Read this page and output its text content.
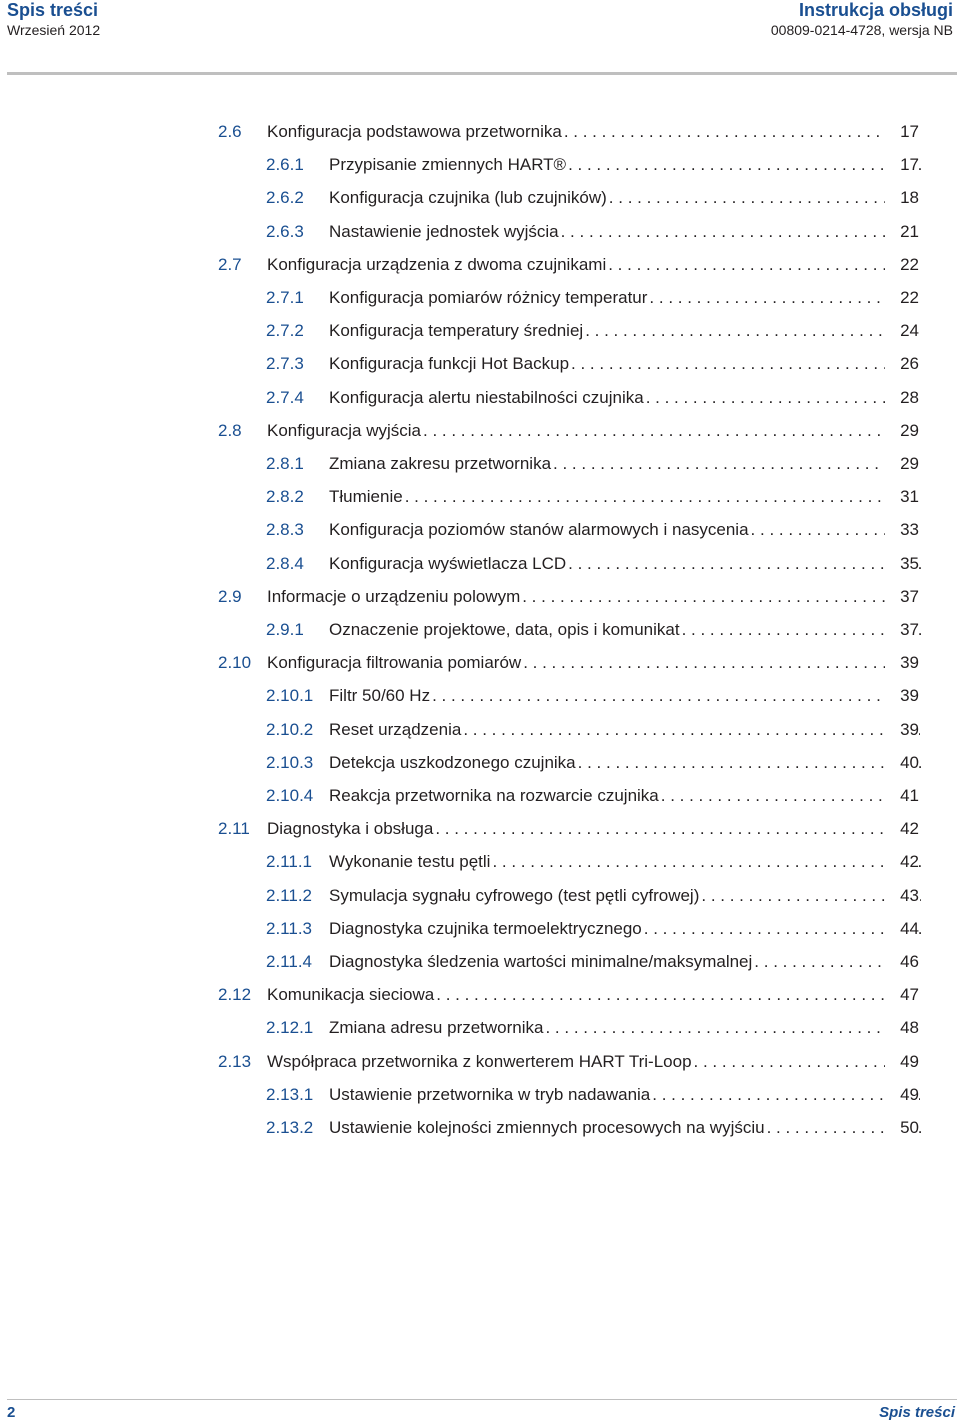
Spis treści
Wrzesień 2012
Instrukcja obsługi
00809-0214-4728, wersja NB
2.6 Konfiguracja podstawowa przetwornika . . .	17
2.6.1 Przypisanie zmiennych HART® . . .	17
2.6.2 Konfiguracja czujnika (lub czujników) . . .	18
2.6.3 Nastawienie jednostek wyjścia . . .	21
2.7 Konfiguracja urządzenia z dwoma czujnikami . . .	22
2.7.1 Konfiguracja pomiarów różnicy temperatur . . .	22
2.7.2 Konfiguracja temperatury średniej . . .	24
2.7.3 Konfiguracja funkcji Hot Backup . . .	26
2.7.4 Konfiguracja alertu niestabilności czujnika . . .	28
2.8 Konfiguracja wyjścia . . .	29
2.8.1 Zmiana zakresu przetwornika . . .	29
2.8.2 Tłumienie . . .	31
2.8.3 Konfiguracja poziomów stanów alarmowych i nasycenia . . .	33
2.8.4 Konfiguracja wyświetlacza LCD . . .	35
2.9 Informacje o urządzeniu polowym . . .	37
2.9.1 Oznaczenie projektowe, data, opis i komunikat . . .	37
2.10 Konfiguracja filtrowania pomiarów . . .	39
2.10.1 Filtr 50/60 Hz . . .	39
2.10.2 Reset urządzenia . . .	39
2.10.3 Detekcja uszkodzonego czujnika . . .	40
2.10.4 Reakcja przetwornika na rozwarcie czujnika . . .	41
2.11 Diagnostyka i obsługa . . .	42
2.11.1 Wykonanie testu pętli . . .	42
2.11.2 Symulacja sygnału cyfrowego (test pętli cyfrowej) . . .	43
2.11.3 Diagnostyka czujnika termoelektrycznego . . .	44
2.11.4 Diagnostyka śledzenia wartości minimalne/maksymalnej . . .	46
2.12 Komunikacja sieciowa . . .	47
2.12.1 Zmiana adresu przetwornika . . .	48
2.13 Współpraca przetwornika z konwerterem HART Tri-Loop . . .	49
2.13.1 Ustawienie przetwornika w tryb nadawania . . .	49
2.13.2 Ustawienie kolejności zmiennych procesowych na wyjściu . . .	50
2	Spis treści
